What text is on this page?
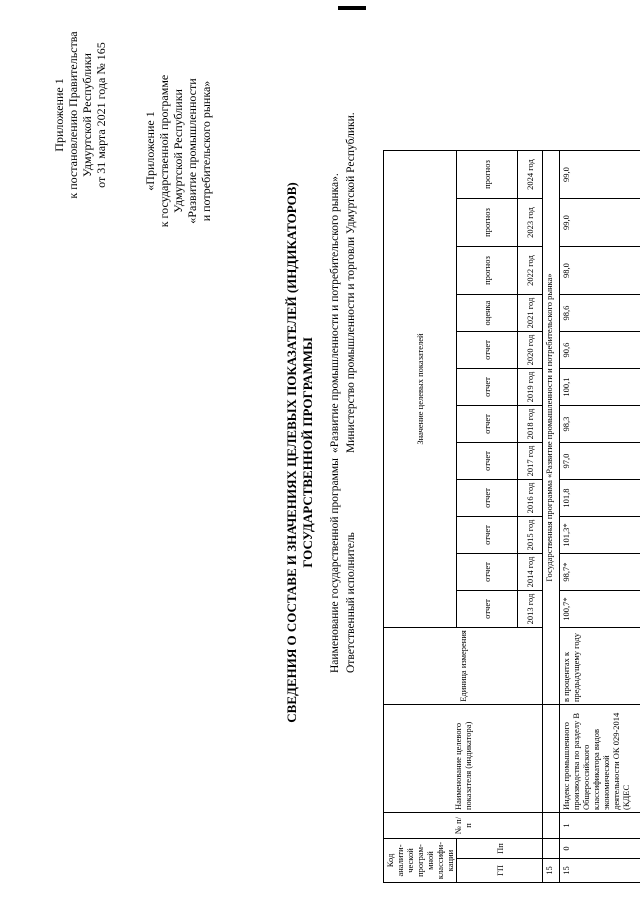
Приложение 1 к постановлению Правительства Удмуртской Республики от 31 марта 2021 года № 165	«Приложение 1 к государственной программе Удмуртской Республики «Развитие промышленности и потребительского рынка»
СВЕДЕНИЯ О СОСТАВЕ И ЗНАЧЕНИЯХ ЦЕЛЕВЫХ ПОКАЗАТЕЛЕЙ (ИНДИКАТОРОВ) ГОСУДАРСТВЕННОЙ ПРОГРАММЫ Наименование государственной программы
«Развитие промышленности и потребительского рынка».
Ответственный исполнитель
Министерство промышленности и торговли Удмуртской Республики.
Код аналити-ческой програм-мной классифи-кации		№ п/п	Наименование целевого показателя (индикатора)	Единица измерения	Значение целевых показателей											
ГП	Пп				отчет	отчет	отчет	отчет	отчет	отчет	отчет	отчет	оценка	прогноз	прогноз	прогноз
					2013 год	2014 год	2015 год	2016 год	2017 год	2018 год	2019 год	2020 год	2021 год	2022 год	2023 год	2024 год
15				Государственная программа «Развитие промышленности и потребительского рынка»												
15	0	1	Индекс промышленного производства по разделу В Общероссийского классификатора видов экономической деятельности ОК 029-2014 (КДЕС	в процентах к предыдущему году	100,7*	98,7*	101,3*	101,8	97,0	98,3	100,1	90,6	98,6	98,0	99,0	99,0
